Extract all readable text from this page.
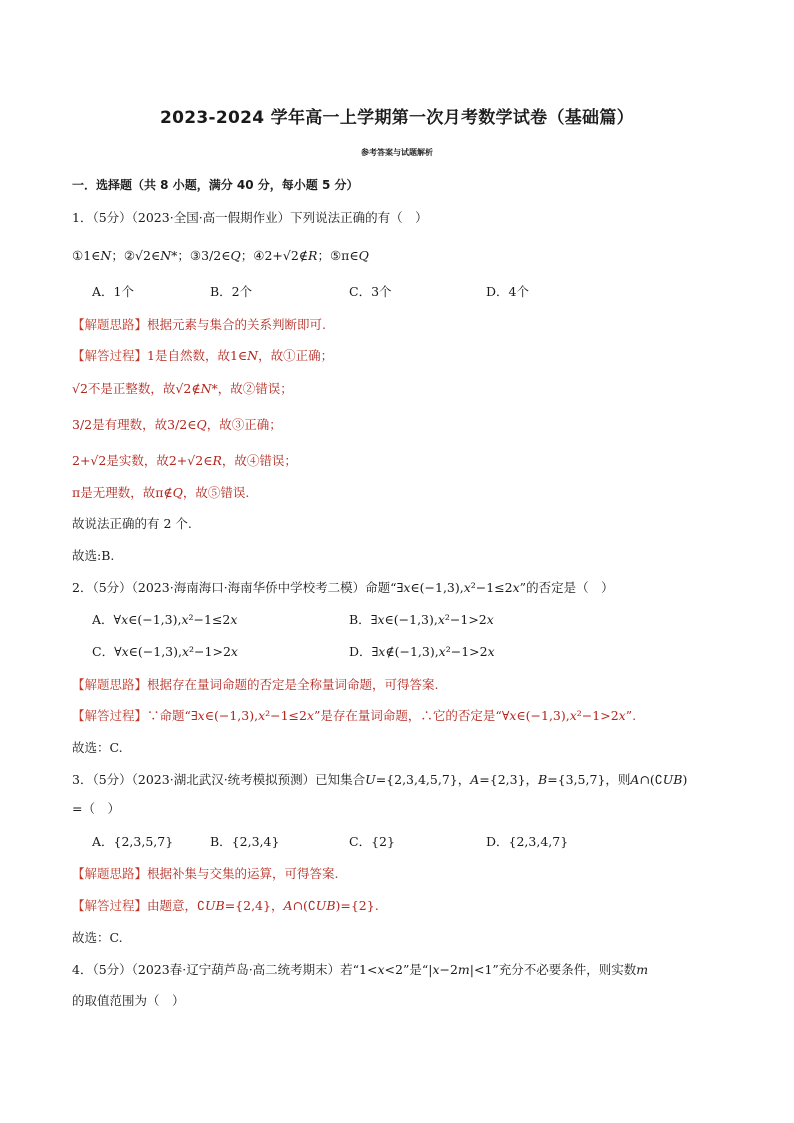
2023-2024 学年高一上学期第一次月考数学试卷（基础篇）
参考答案与试题解析
一．选择题（共 8 小题，满分 40 分，每小题 5 分）
1．（5分）（2023·全国·高一假期作业）下列说法正确的有（　）
①1∈𝑁；②√2∈𝑁*；③3/2∈𝑄；④2+√2∉𝑅；⑤π∈𝑄
A．1个	B．2个	C．3个	D．4个
【解题思路】根据元素与集合的关系判断即可.
【解答过程】1是自然数，故1∈𝑁，故①正确；
√2不是正整数，故√2∉𝑁*，故②错误；
3/2是有理数，故3/2∈𝑄，故③正确；
2+√2是实数，故2+√2∈𝑅，故④错误；
π是无理数，故π∉𝑄，故⑤错误.
故说法正确的有 2 个.
故选:B.
2．（5分）（2023·海南海口·海南华侨中学校考二模）命题“∃𝑥∈(−1,3),𝑥²−1≤2𝑥”的否定是（　）
A．∀𝑥∈(−1,3),𝑥²−1≤2𝑥	B．∃𝑥∈(−1,3),𝑥²−1>2𝑥
C．∀𝑥∈(−1,3),𝑥²−1>2𝑥	D．∃𝑥∉(−1,3),𝑥²−1>2𝑥
【解题思路】根据存在量词命题的否定是全称量词命题，可得答案.
【解答过程】∵命题“∃𝑥∈(−1,3),𝑥²−1≤2𝑥”是存在量词命题，∴它的否定是“∀𝑥∈(−1,3),𝑥²−1>2𝑥”.
故选：C.
3．（5分）（2023·湖北武汉·统考模拟预测）已知集合𝑈={2,3,4,5,7}，𝐴={2,3}，𝐵={3,5,7}，则𝐴∩(∁𝑈𝐵)
=（　）
A．{2,3,5,7}	B．{2,3,4}	C．{2}	D．{2,3,4,7}
【解题思路】根据补集与交集的运算，可得答案.
【解答过程】由题意，∁𝑈𝐵={2,4}，𝐴∩(∁𝑈𝐵)={2}.
故选：C.
4．（5分）（2023春·辽宁葫芦岛·高二统考期末）若“1<𝑥<2”是“|𝑥−2𝑚|<1”充分不必要条件，则实数𝑚
的取值范围为（　）
